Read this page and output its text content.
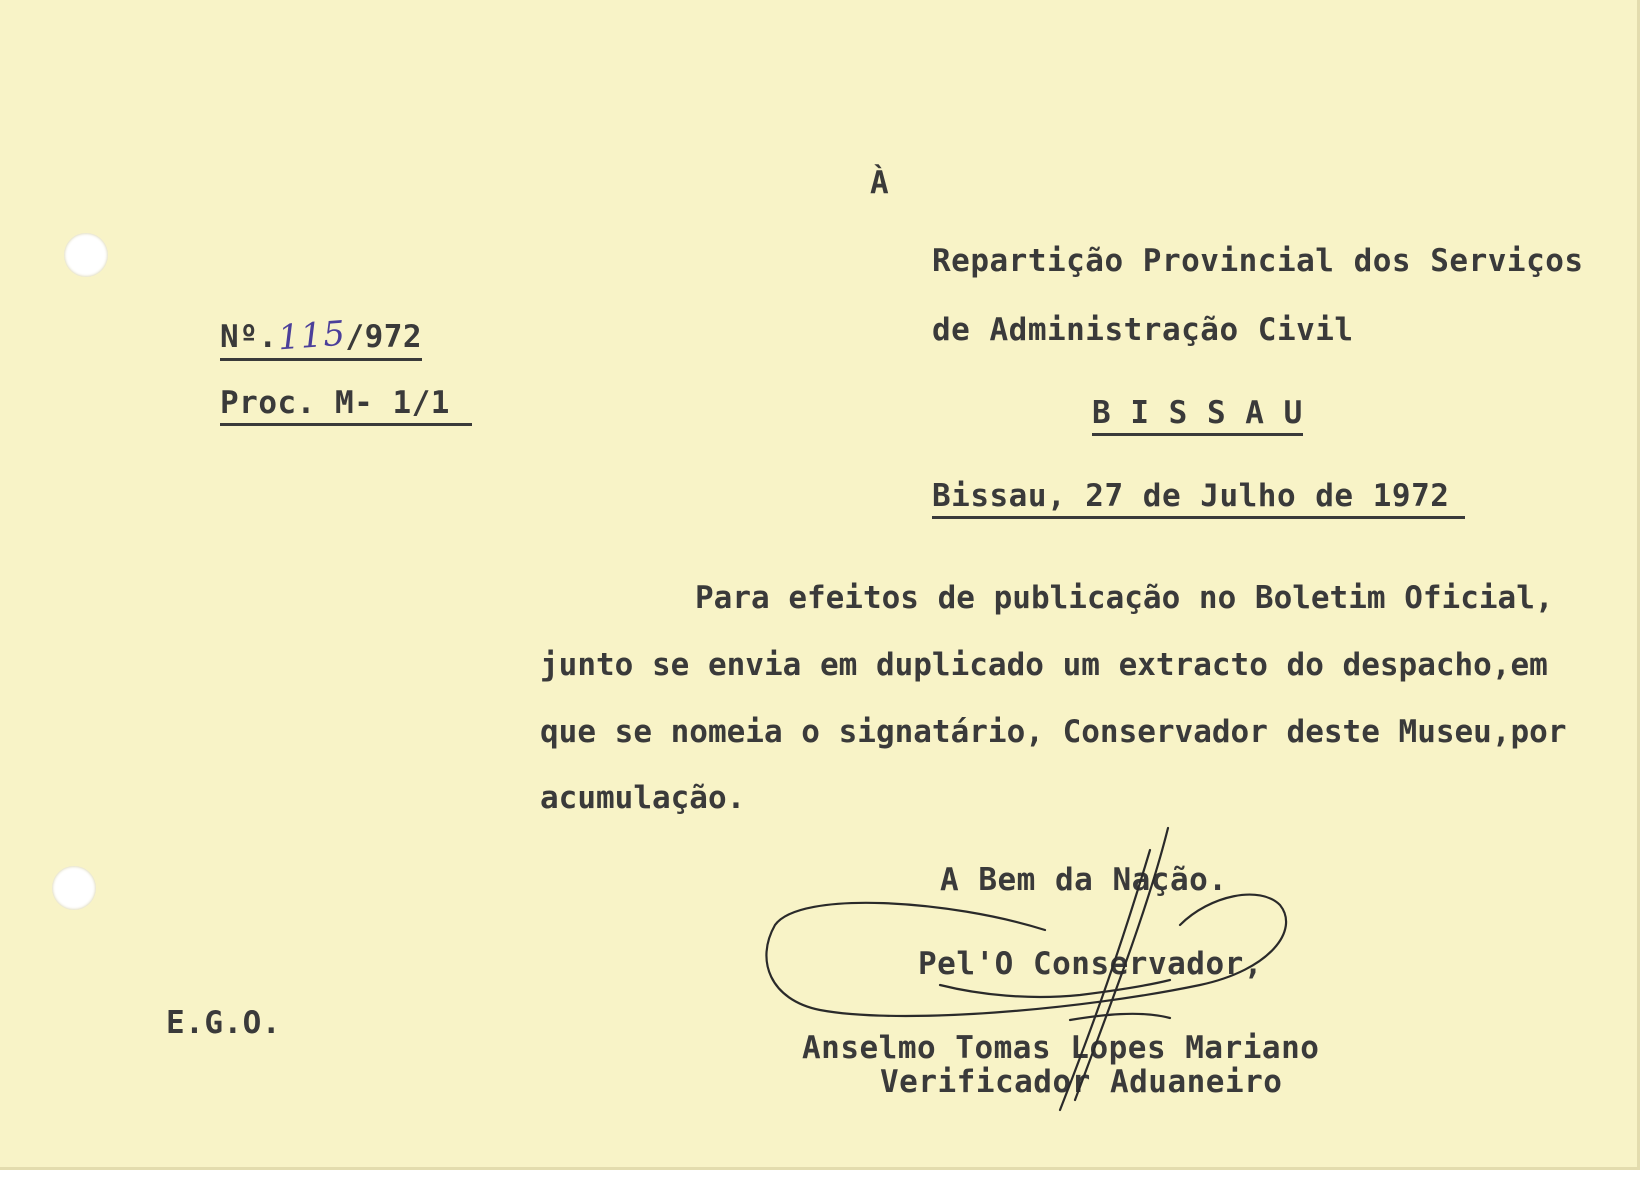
À
Repartição Provincial dos Serviços
de Administração Civil
B I S S A U
Nº.115/972
Proc. M- 1/1
Bissau, 27 de Julho de 1972
Para efeitos de publicação no Boletim Oficial,
junto se envia em duplicado um extracto do despacho,em
que se nomeia o signatário, Conservador deste Museu,por
acumulação.
A Bem da Nação.
Pel'O Conservador,
Anselmo Tomas Lopes Mariano
Verificador Aduaneiro
E.G.O.
